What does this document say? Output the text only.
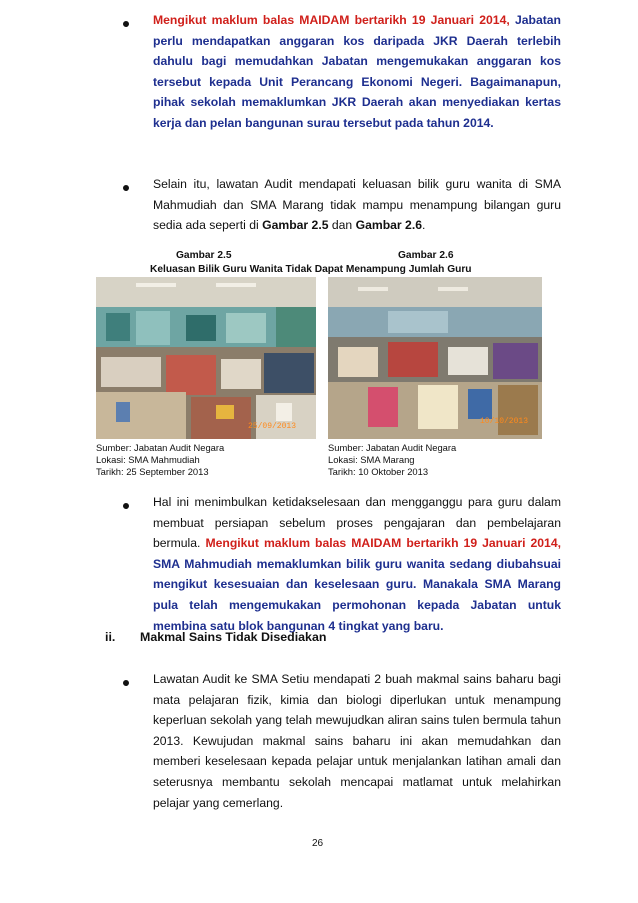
Mengikut maklum balas MAIDAM bertarikh 19 Januari 2014, Jabatan perlu mendapatkan anggaran kos daripada JKR Daerah terlebih dahulu bagi memudahkan Jabatan mengemukakan anggaran kos tersebut kepada Unit Perancang Ekonomi Negeri. Bagaimanapun, pihak sekolah memaklumkan JKR Daerah akan menyediakan kertas kerja dan pelan bangunan surau tersebut pada tahun 2014.
Selain itu, lawatan Audit mendapati keluasan bilik guru wanita di SMA Mahmudiah dan SMA Marang tidak mampu menampung bilangan guru sedia ada seperti di Gambar 2.5 dan Gambar 2.6.
Gambar 2.5	Gambar 2.6
Keluasan Bilik Guru Wanita Tidak Dapat Menampung Jumlah Guru
25/09/2013
10/10/2013
Sumber: Jabatan Audit Negara
Lokasi: SMA Mahmudiah
Tarikh: 25 September 2013
Sumber: Jabatan Audit Negara
Lokasi: SMA Marang
Tarikh: 10 Oktober 2013
Hal ini menimbulkan ketidakselesaan dan mengganggu para guru dalam membuat persiapan sebelum proses pengajaran dan pembelajaran bermula. Mengikut maklum balas MAIDAM bertarikh 19 Januari 2014, SMA Mahmudiah memaklumkan bilik guru wanita sedang diubahsuai mengikut kesesuaian dan keselesaan guru. Manakala SMA Marang pula telah mengemukakan permohonan kepada Jabatan untuk membina satu blok bangunan 4 tingkat yang baru.
ii. Makmal Sains Tidak Disediakan
Lawatan Audit ke SMA Setiu mendapati 2 buah makmal sains baharu bagi mata pelajaran fizik, kimia dan biologi diperlukan untuk menampung keperluan sekolah yang telah mewujudkan aliran sains tulen bermula tahun 2013. Kewujudan makmal sains baharu ini akan memudahkan dan memberi keselesaan kepada pelajar untuk menjalankan latihan amali dan seterusnya membantu sekolah mencapai matlamat untuk melahirkan pelajar yang cemerlang.
26
